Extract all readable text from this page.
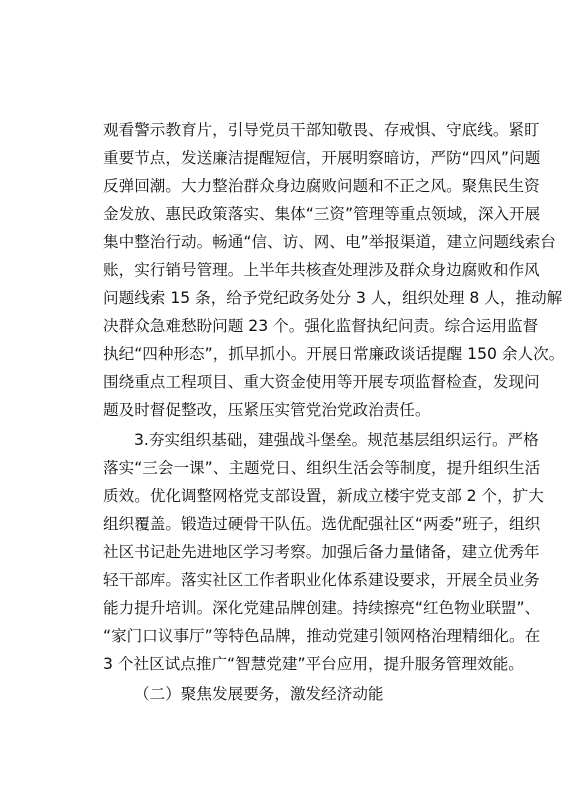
观看警示教育片，引导党员干部知敬畏、存戒惧、守底线。紧盯
重要节点，发送廉洁提醒短信，开展明察暗访，严防“四风”问题
反弹回潮。大力整治群众身边腐败问题和不正之风。聚焦民生资
金发放、惠民政策落实、集体“三资”管理等重点领域，深入开展
集中整治行动。畅通“信、访、网、电”举报渠道，建立问题线索台
账，实行销号管理。上半年共核查处理涉及群众身边腐败和作风
问题线索 15 条，给予党纪政务处分 3 人，组织处理 8 人，推动解
决群众急难愁盼问题 23 个。强化监督执纪问责。综合运用监督
执纪“四种形态”，抓早抓小。开展日常廉政谈话提醒 150 余人次。
围绕重点工程项目、重大资金使用等开展专项监督检查，发现问
题及时督促整改，压紧压实管党治党政治责任。
3.夯实组织基础，建强战斗堡垒。规范基层组织运行。严格
落实“三会一课”、主题党日、组织生活会等制度，提升组织生活
质效。优化调整网格党支部设置，新成立楼宇党支部 2 个，扩大
组织覆盖。锻造过硬骨干队伍。选优配强社区“两委”班子，组织
社区书记赴先进地区学习考察。加强后备力量储备，建立优秀年
轻干部库。落实社区工作者职业化体系建设要求，开展全员业务
能力提升培训。深化党建品牌创建。持续擦亮“红色物业联盟”、
“家门口议事厅”等特色品牌，推动党建引领网格治理精细化。在
3 个社区试点推广“智慧党建”平台应用，提升服务管理效能。
（二）聚焦发展要务，激发经济动能
